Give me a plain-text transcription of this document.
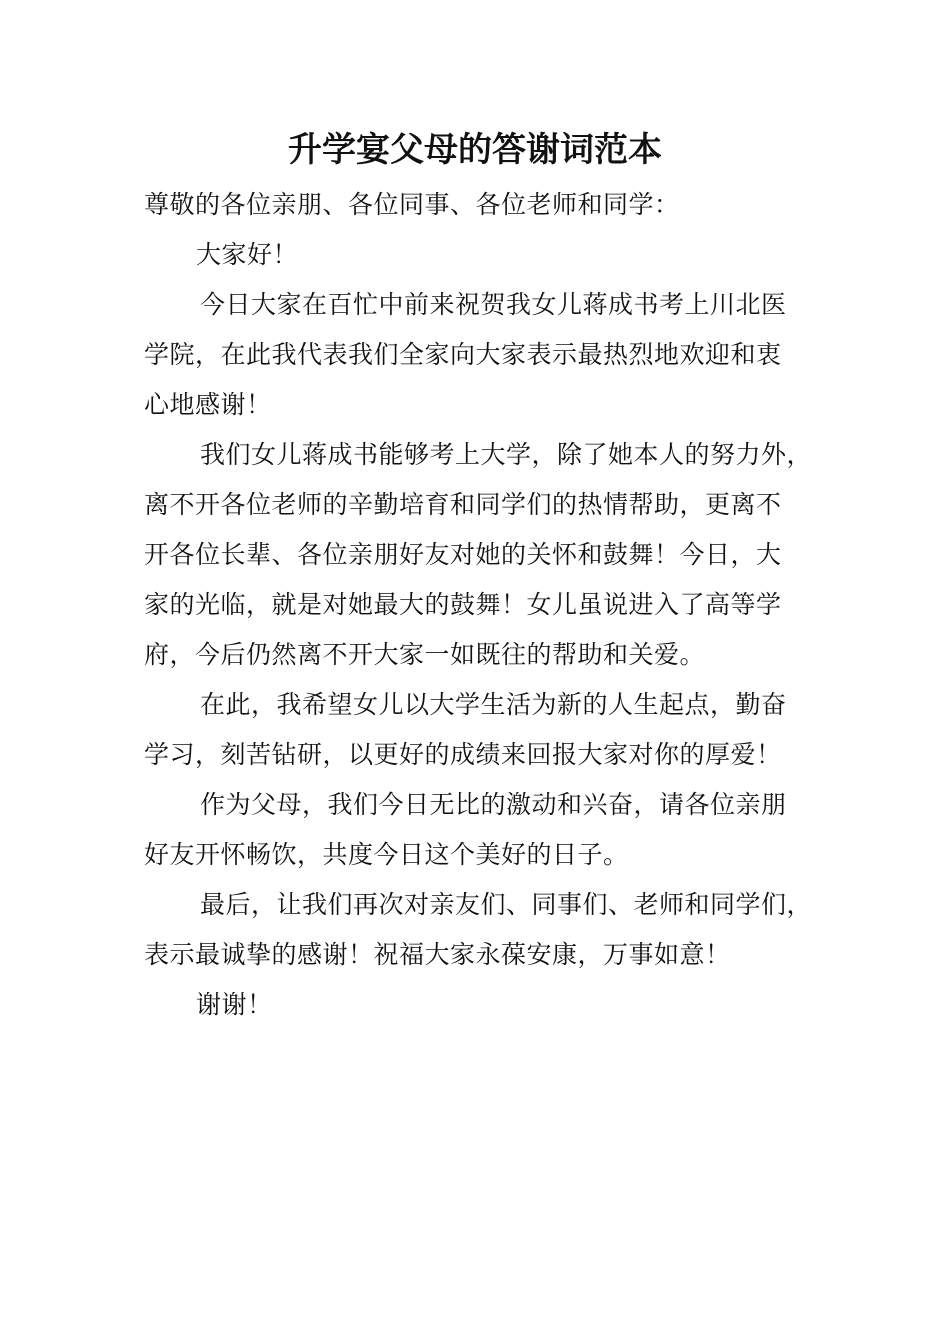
升学宴父母的答谢词范本
尊敬的各位亲朋、各位同事、各位老师和同学：
大家好！
今日大家在百忙中前来祝贺我女儿蒋成书考上川北医
学院，在此我代表我们全家向大家表示最热烈地欢迎和衷
心地感谢！
我们女儿蒋成书能够考上大学，除了她本人的努力外，
离不开各位老师的辛勤培育和同学们的热情帮助，更离不
开各位长辈、各位亲朋好友对她的关怀和鼓舞！今日，大
家的光临，就是对她最大的鼓舞！女儿虽说进入了高等学
府，今后仍然离不开大家一如既往的帮助和关爱。
在此，我希望女儿以大学生活为新的人生起点，勤奋
学习，刻苦钻研，以更好的成绩来回报大家对你的厚爱！
作为父母，我们今日无比的激动和兴奋，请各位亲朋
好友开怀畅饮，共度今日这个美好的日子。
最后，让我们再次对亲友们、同事们、老师和同学们，
表示最诚挚的感谢！祝福大家永葆安康，万事如意！
谢谢！
